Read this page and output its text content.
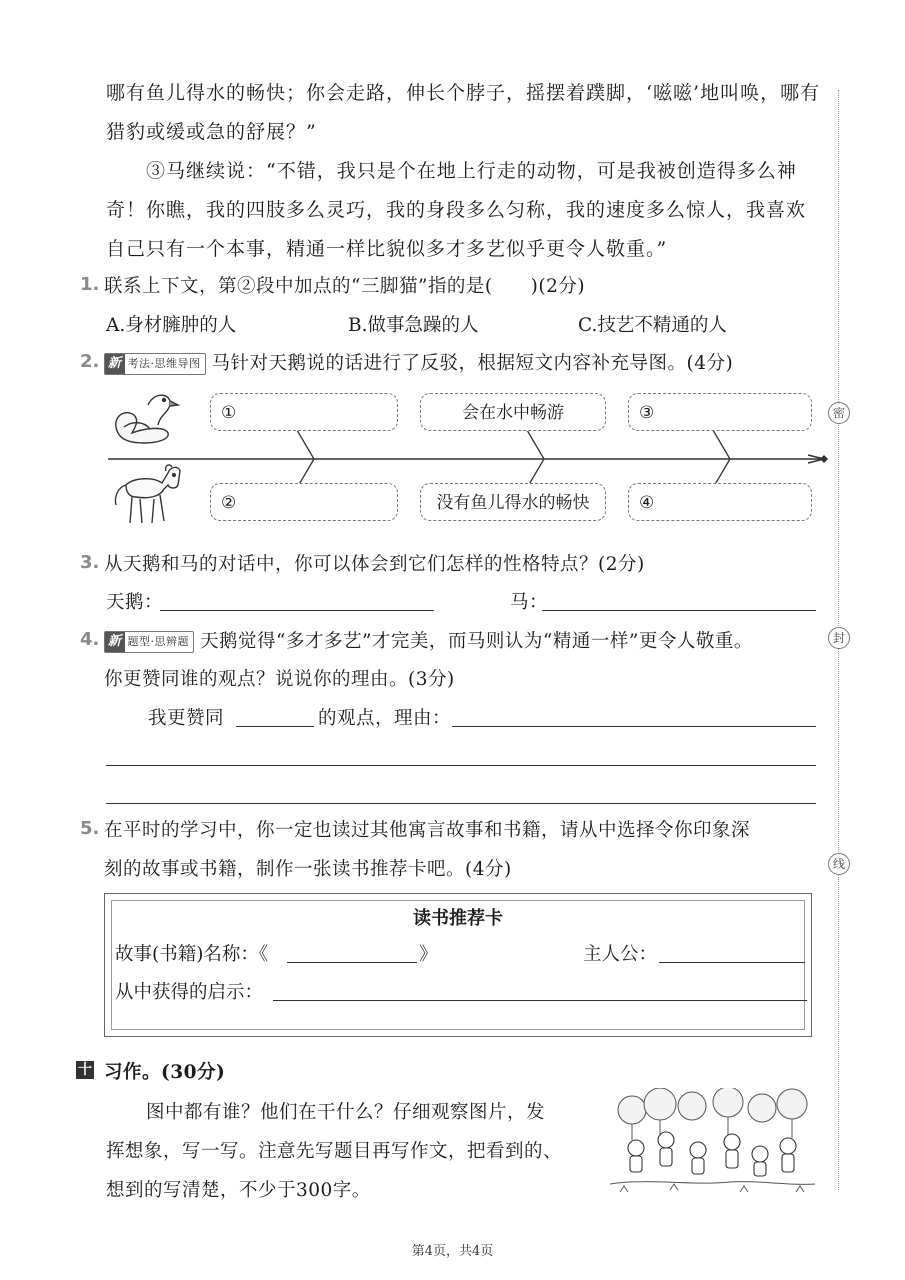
密
封
线
哪有鱼儿得水的畅快；你会走路，伸长个脖子，摇摆着蹼脚，‘嗞嗞’地叫唤，哪有
猎豹或缓或急的舒展？”
③马继续说：“不错，我只是个在地上行走的动物，可是我被创造得多么神奇！你瞧，我的四肢多么灵巧，我的身段多么匀称，我的速度多么惊人，我喜欢自己只有一个本事，精通一样比貌似多才多艺似乎更令人敬重。”
1. 联系上下文，第②段中加点的“三脚猫”指的是(　　)(2分)
A.身材臃肿的人	B.做事急躁的人	C.技艺不精通的人
2. 新 考法·思维导图 马针对天鹅说的话进行了反驳，根据短文内容补充导图。(4分)
①	会在水中畅游	③
②	没有鱼儿得水的畅快	④
3. 从天鹅和马的对话中，你可以体会到它们怎样的性格特点？(2分)
天鹅：	马：
4. 新 题型·思辨题 天鹅觉得“多才多艺”才完美，而马则认为“精通一样”更令人敬重。
你更赞同谁的观点？说说你的理由。(3分)
我更赞同	的观点，理由：
5. 在平时的学习中，你一定也读过其他寓言故事和书籍，请从中选择令你印象深
刻的故事或书籍，制作一张读书推荐卡吧。(4分)
读书推荐卡
故事(书籍)名称：《	》	主人公：
从中获得的启示：
十 习作。(30分)
图中都有谁？他们在干什么？仔细观察图片，发
挥想象，写一写。注意先写题目再写作文，把看到的、
想到的写清楚，不少于300字。
第4页，共4页
